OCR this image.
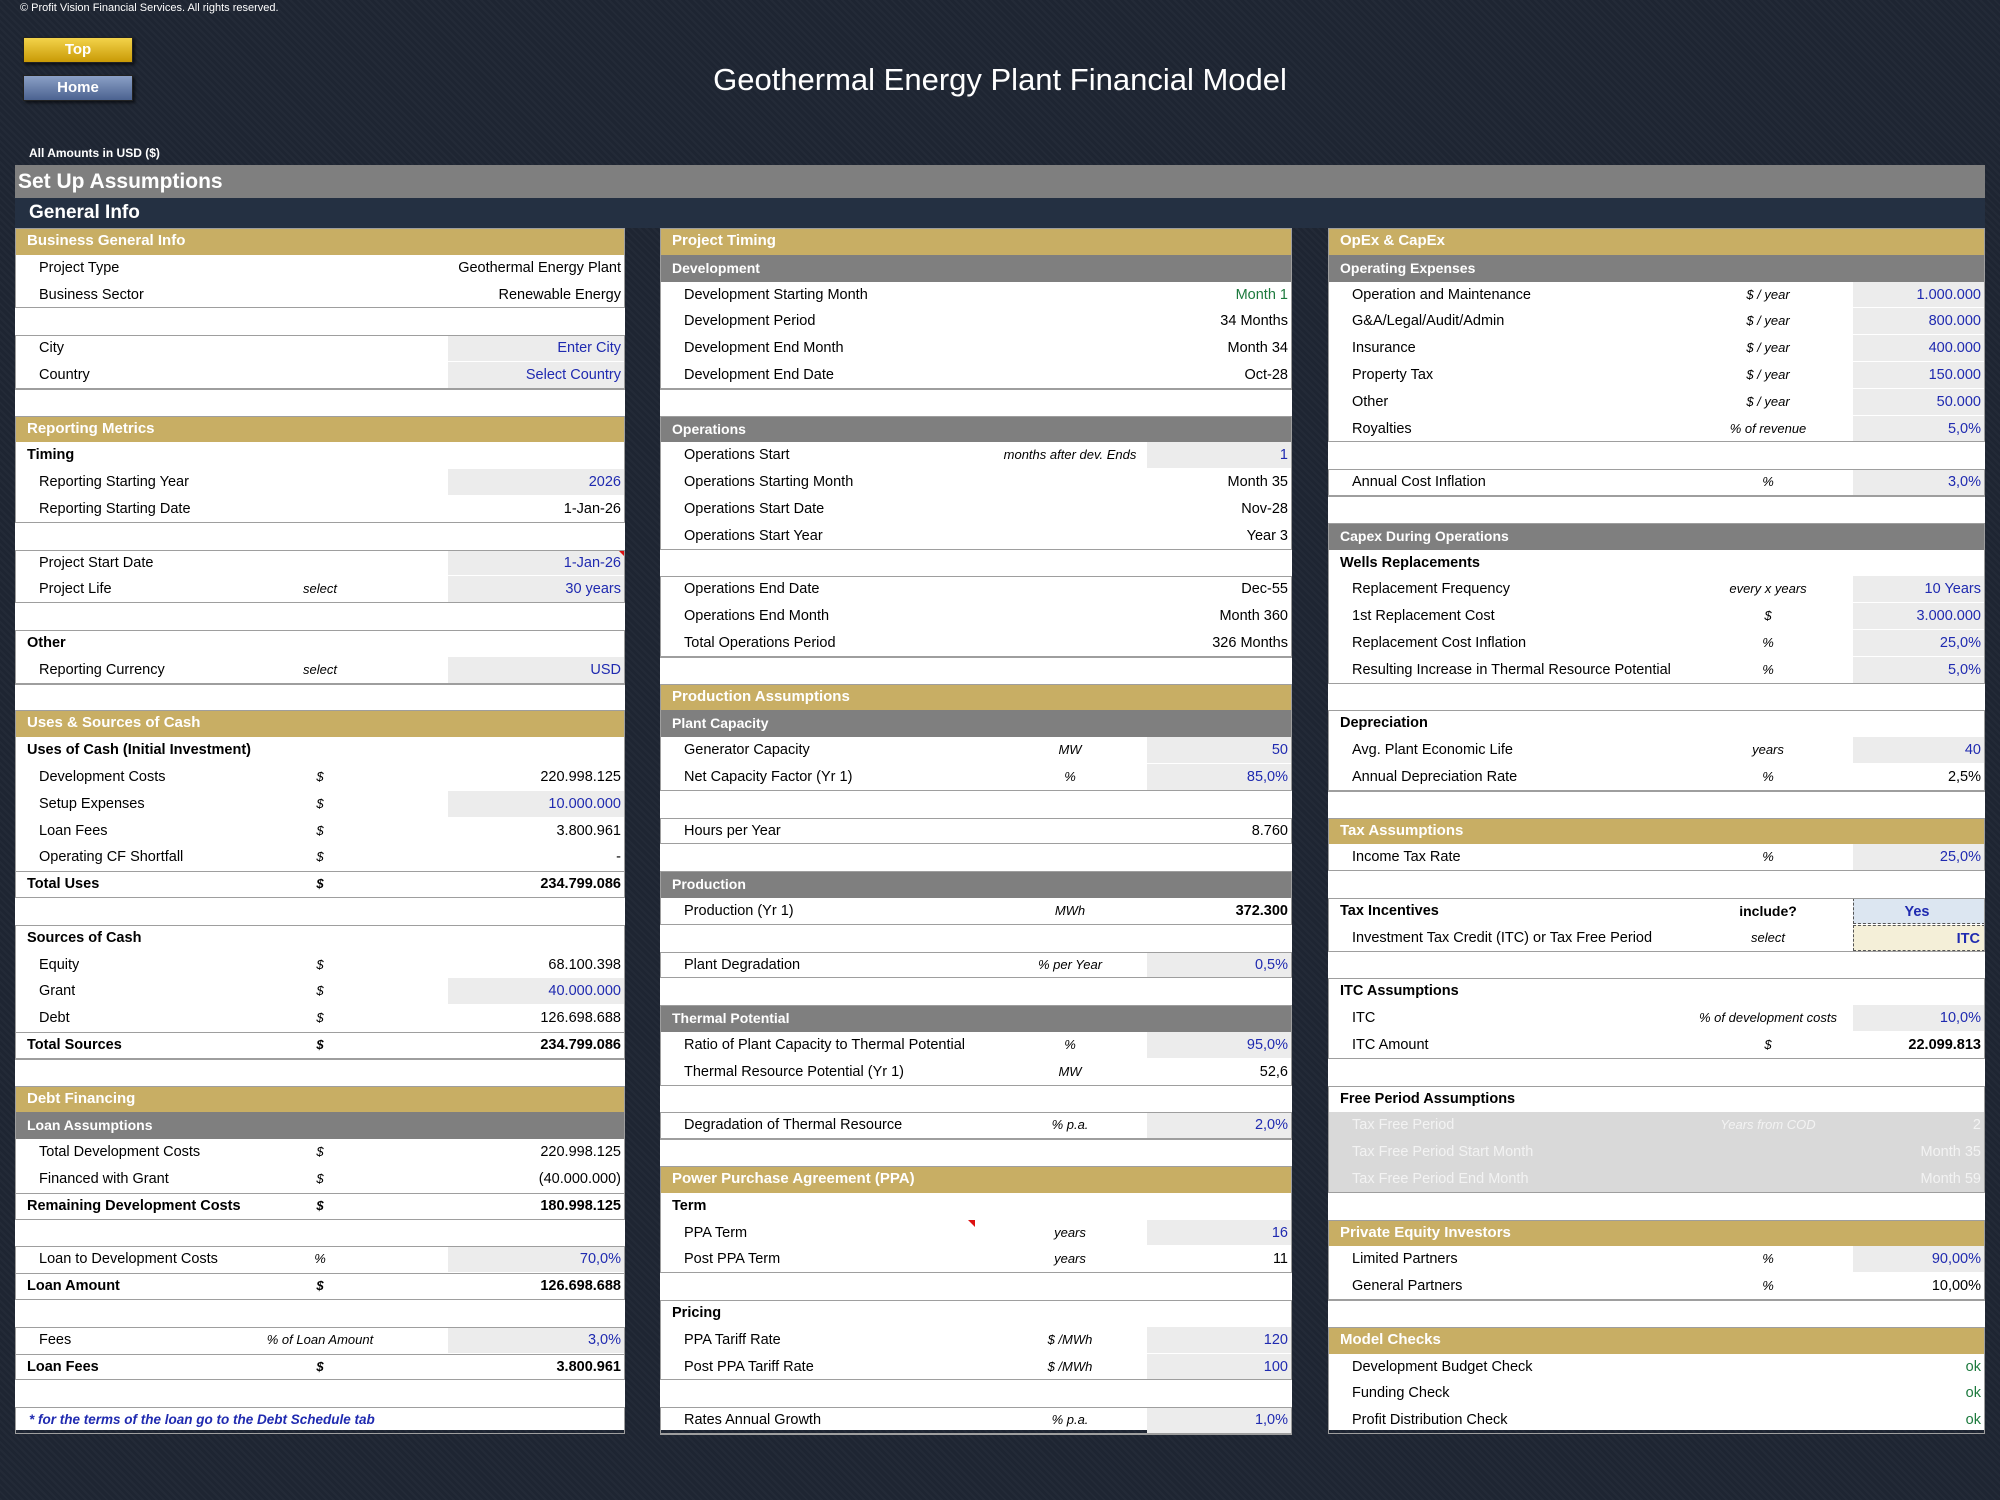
© Profit Vision Financial Services. All rights reserved.
Top
Home	Geothermal Energy Plant Financial Model
All Amounts in USD ($)
Set Up Assumptions
General Info
Business General Info
Project Type	Geothermal Energy Plant
Business Sector	Renewable Energy
City	Enter City
Country	Select Country
Reporting Metrics
Timing
Reporting Starting Year	2026
Reporting Starting Date	1-Jan-26
Project Start Date	1-Jan-26
Project Life	select	30 years
Other
Reporting Currency	select	USD
Uses & Sources of Cash
Uses of Cash (Initial Investment)
Development Costs	$	220.998.125
Setup Expenses	$	10.000.000
Loan Fees	$	3.800.961
Operating CF Shortfall	$	-
Total Uses	$	234.799.086
Sources of Cash
Equity	$	68.100.398
Grant	$	40.000.000
Debt	$	126.698.688
Total Sources	$	234.799.086
Debt Financing
Loan Assumptions
Total Development Costs	$	220.998.125
Financed with Grant	$	(40.000.000)
Remaining Development Costs	$	180.998.125
Loan to Development Costs	%	70,0%
Loan Amount	$	126.698.688
Fees	% of Loan Amount	3,0%
Loan Fees	$	3.800.961
* for the terms of the loan go to the Debt Schedule tab
Project Timing
Development
Development Starting Month	Month 1
Development Period	34 Months
Development End Month	Month 34
Development End Date	Oct-28
Operations
Operations Start	months after dev. Ends	1
Operations Starting Month	Month 35
Operations Start Date	Nov-28
Operations Start Year	Year 3
Operations End Date	Dec-55
Operations End Month	Month 360
Total Operations Period	326 Months
Production Assumptions
Plant Capacity
Generator Capacity	MW	50
Net Capacity Factor (Yr 1)	%	85,0%
Hours per Year	8.760
Production
Production (Yr 1)	MWh	372.300
Plant Degradation	% per Year	0,5%
Thermal Potential
Ratio of Plant Capacity to Thermal Potential	%	95,0%
Thermal Resource Potential (Yr 1)	MW	52,6
Degradation of Thermal Resource	% p.a.	2,0%
Power Purchase Agreement (PPA)
Term
PPA Term	years	16
Post PPA Term	years	11
Pricing
PPA Tariff Rate	$ /MWh	120
Post PPA Tariff Rate	$ /MWh	100
Rates Annual Growth	% p.a.	1,0%
OpEx & CapEx
Operating Expenses
Operation and Maintenance	$ / year	1.000.000
G&A/Legal/Audit/Admin	$ / year	800.000
Insurance	$ / year	400.000
Property Tax	$ / year	150.000
Other	$ / year	50.000
Royalties	% of revenue	5,0%
Annual Cost Inflation	%	3,0%
Capex During Operations
Wells Replacements
Replacement Frequency	every x years	10 Years
1st Replacement Cost	$	3.000.000
Replacement Cost Inflation	%	25,0%
Resulting Increase in Thermal Resource Potential	%	5,0%
Depreciation
Avg. Plant Economic Life	years	40
Annual Depreciation Rate	%	2,5%
Tax Assumptions
Income Tax Rate	%	25,0%
Tax Incentives	include?	Yes
Investment Tax Credit (ITC) or Tax Free Period	select	ITC
ITC Assumptions
ITC	% of development costs	10,0%
ITC Amount	$	22.099.813
Free Period Assumptions
Tax Free Period	Years from COD	2
Tax Free Period Start Month	Month 35
Tax Free Period End Month	Month 59
Private Equity Investors
Limited Partners	%	90,00%
General Partners	%	10,00%
Model Checks
Development Budget Check	ok
Funding Check	ok
Profit Distribution Check	ok
